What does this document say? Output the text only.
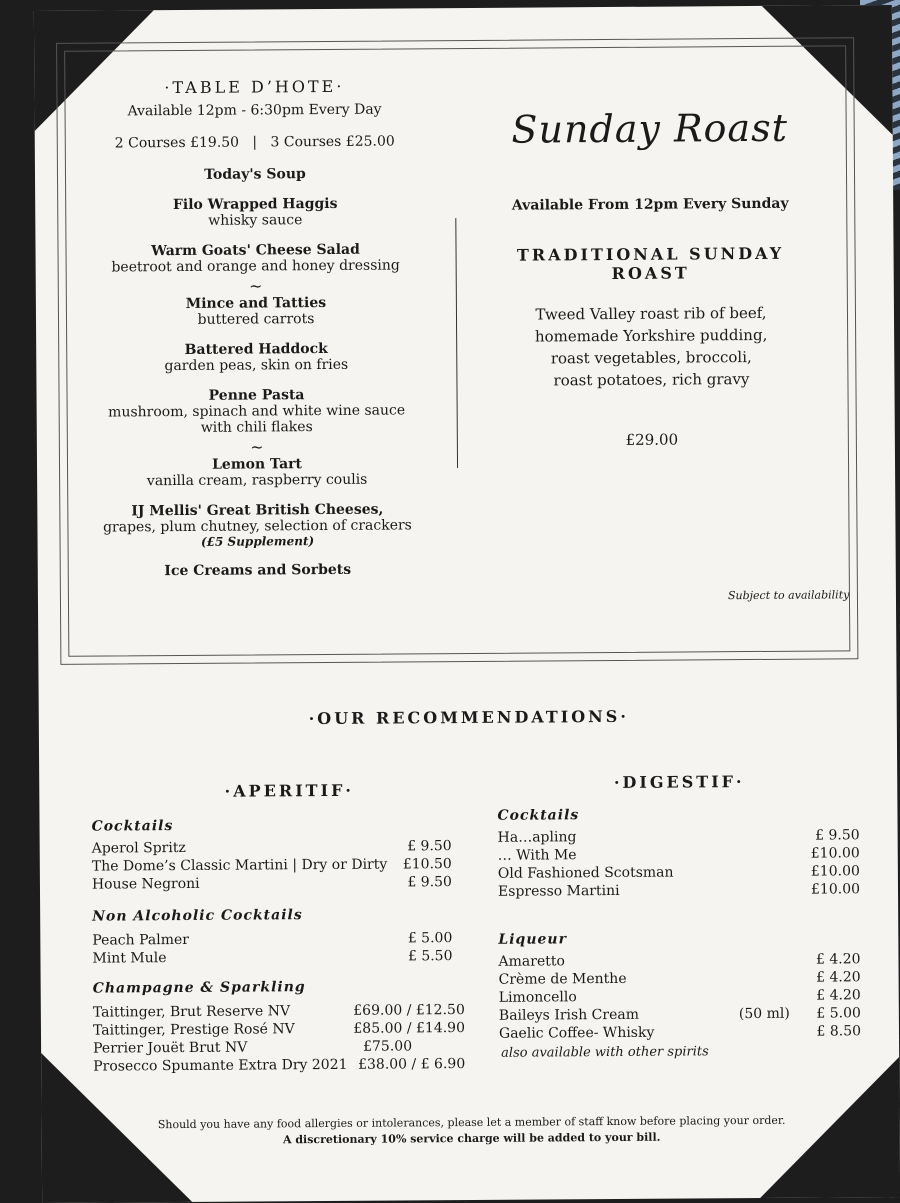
·TABLE D’HOTE·
Available 12pm - 6:30pm Every Day
2 Courses £19.50   |   3 Courses £25.00
Today's Soup
Filo Wrapped Haggis
whisky sauce
Warm Goats' Cheese Salad
beetroot and orange and honey dressing
~
Mince and Tatties
buttered carrots
Battered Haddock
garden peas, skin on fries
Penne Pasta
mushroom, spinach and white wine sauce
with chili flakes
~
Lemon Tart
vanilla cream, raspberry coulis
IJ Mellis' Great British Cheeses,
grapes, plum chutney, selection of crackers
(£5 Supplement)
Ice Creams and Sorbets
Sunday Roast
Available From 12pm Every Sunday
TRADITIONAL SUNDAY ROAST
Tweed Valley roast rib of beef,
homemade Yorkshire pudding,
roast vegetables, broccoli,
roast potatoes, rich gravy
£29.00
Subject to availability
·OUR RECOMMENDATIONS·
·APERITIF·
Cocktails
Aperol Spritz	£ 9.50
The Dome’s Classic Martini | Dry or Dirty £10.50
House Negroni	£ 9.50
Non Alcoholic Cocktails
Peach Palmer	£ 5.00
Mint Mule	£ 5.50
Champagne & Sparkling
Taittinger, Brut Reserve NV	£69.00 / £12.50
Taittinger, Prestige Rosé NV	£85.00 / £14.90
Perrier Jouët Brut NV	£75.00
Prosecco Spumante Extra Dry 2021 £38.00 / £ 6.90
·DIGESTIF·
Cocktails
Ha…apling	£ 9.50
… With Me	£10.00
Old Fashioned Scotsman	£10.00
Espresso Martini	£10.00
Liqueur
Amaretto	£ 4.20
Crème de Menthe	£ 4.20
Limoncello	£ 4.20
Baileys Irish Cream	(50 ml) £ 5.00
Gaelic Coffee- Whisky	£ 8.50
also available with other spirits
Should you have any food allergies or intolerances, please let a member of staff know before placing your order.
A discretionary 10% service charge will be added to your bill.
